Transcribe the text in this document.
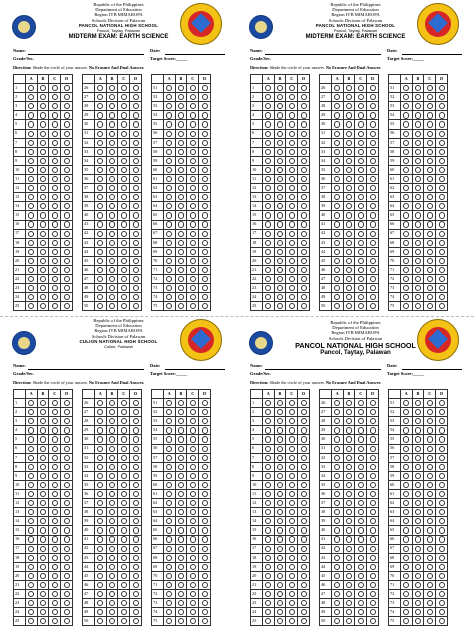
Republic of the Philippines
Department of Education
Region IVB MIMAROPA
Schools Division of Palawan
PANCOL NATIONAL HIGH SCHOOL
Pancol, Taytay, Palawan
MIDTERM EXAM: EARTH SCIENCE
Name:	Date:
Grade/Sec.	Target Score:_____
Direction: Shade the circle of your answer. No Erasure And Dual Answer.
	A	B	C	D
1				
2				
3				
4				
5				
6				
7				
8				
9				
10				
11				
12				
13				
14				
15				
16				
17				
18				
19				
20				
21				
22				
23				
24				
25				
	A	B	C	D
26				
27				
28				
29				
30				
31				
32				
33				
34				
35				
36				
37				
38				
39				
40				
41				
42				
43				
44				
45				
46				
47				
48				
49				
50				
	A	B	C	D
51				
52				
53				
54				
55				
56				
57				
58				
59				
60				
61				
62				
63				
64				
65				
66				
67				
68				
69				
70				
71				
72				
73				
74				
75				
Republic of the Philippines
Department of Education
Region IVB MIMAROPA
Schools Division of Palawan
PANCOL NATIONAL HIGH SCHOOL
Pancol, Taytay, Palawan
MIDTERM EXAM: EARTH SCIENCE
Name:	Date:
Grade/Sec.	Target Score:_____
Direction: Shade the circle of your answer. No Erasure And Dual Answer.
	A	B	C	D
1				
2				
3				
4				
5				
6				
7				
8				
9				
10				
11				
12				
13				
14				
15				
16				
17				
18				
19				
20				
21				
22				
23				
24				
25				
	A	B	C	D
26				
27				
28				
29				
30				
31				
32				
33				
34				
35				
36				
37				
38				
39				
40				
41				
42				
43				
44				
45				
46				
47				
48				
49				
50				
	A	B	C	D
51				
52				
53				
54				
55				
56				
57				
58				
59				
60				
61				
62				
63				
64				
65				
66				
67				
68				
69				
70				
71				
72				
73				
74				
75				
Republic of the Philippines
Department of Education
Region IVB MIMAROPA
Schools Division of Palawan
CULION NATIONAL HIGH SCHOOL
Culion, Palawan
Name:	Date:
Grade/Sec.	Target Score:_____
Direction: Shade the circle of your answer. No Erasure And Dual Answer.
	A	B	C	D
1				
2				
3				
4				
5				
6				
7				
8				
9				
10				
11				
12				
13				
14				
15				
16				
17				
18				
19				
20				
21				
22				
23				
24				
25				
	A	B	C	D
26				
27				
28				
29				
30				
31				
32				
33				
34				
35				
36				
37				
38				
39				
40				
41				
42				
43				
44				
45				
46				
47				
48				
49				
50				
	A	B	C	D
51				
52				
53				
54				
55				
56				
57				
58				
59				
60				
61				
62				
63				
64				
65				
66				
67				
68				
69				
70				
71				
72				
73				
74				
75				
Republic of the Philippines
Department of Education
Region IVB MIMAROPA
Schools Division of Palawan
PANCOL NATIONAL HIGH SCHOOL
Pancol, Taytay, Palawan
Name:	Date:
Grade/Sec.	Target Score:_____
Direction: Shade the circle of your answer. No Erasure And Dual Answer.
	A	B	C	D
1				
2				
3				
4				
5				
6				
7				
8				
9				
10				
11				
12				
13				
14				
15				
16				
17				
18				
19				
20				
21				
22				
23				
24				
25				
	A	B	C	D
26				
27				
28				
29				
30				
31				
32				
33				
34				
35				
36				
37				
38				
39				
40				
41				
42				
43				
44				
45				
46				
47				
48				
49				
50				
	A	B	C	D
51				
52				
53				
54				
55				
56				
57				
58				
59				
60				
61				
62				
63				
64				
65				
66				
67				
68				
69				
70				
71				
72				
73				
74				
75				
